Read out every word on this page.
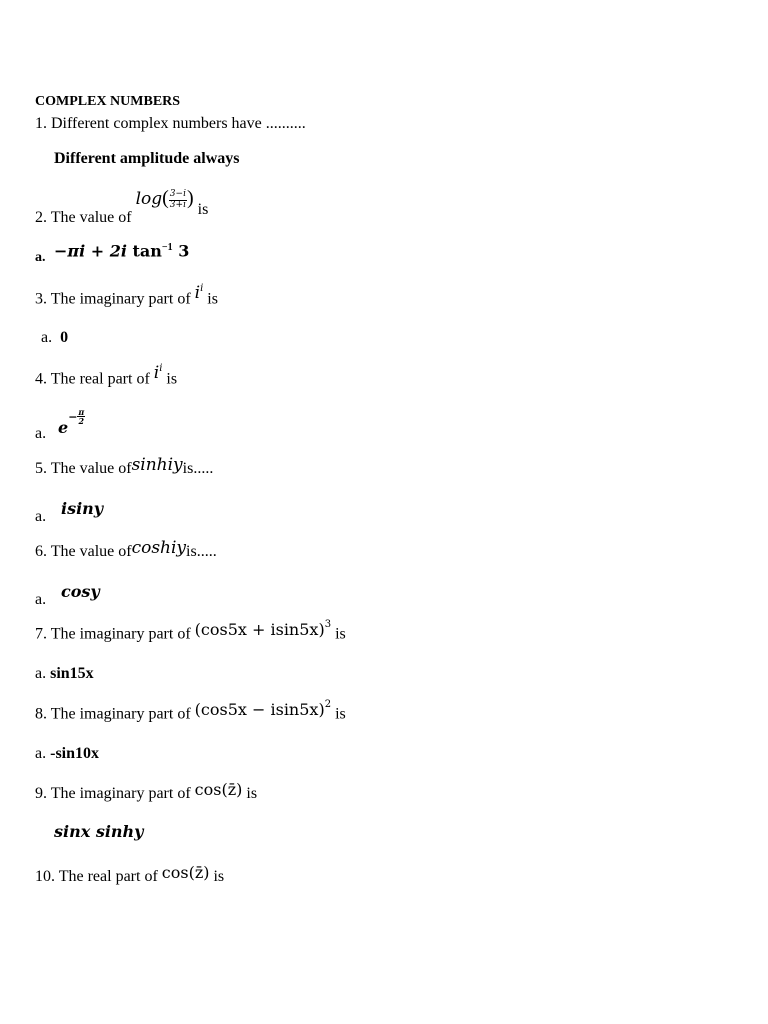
COMPLEX NUMBERS
1. Different complex numbers have ..........
Different amplitude always
2. The value of $\log( \frac{3-i}{3+i}$ ) is
a. −πi + 2i $\tan^{-1} 3$
3. The imaginary part of $i^i$ is
a. 0
4. The real part of $i^i$ is
a. $e- \frac{\pi}{2}$
5. The value ofsinhiyis.....
a. isiny
6. The value ofcoshiyis.....
a. cosy
7. The imaginary part of $(\cos 5x + isin5x)^3$ is
a. sin15x
8. The imaginary part of $(\cos 5x - isin5x)^2$ is
a. -sin10x
9. The imaginary part of cos(z̄) is
sinx sinhy
10. The real part of cos(z̄) is
